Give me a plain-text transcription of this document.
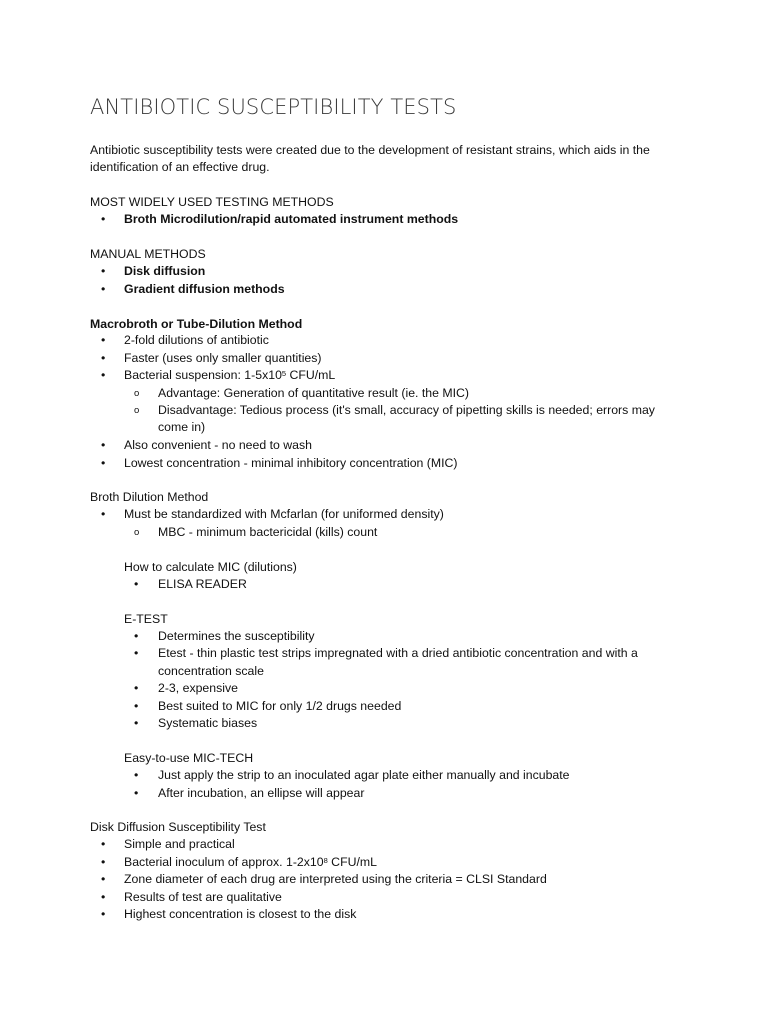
ANTIBIOTIC SUSCEPTIBILITY TESTS
Antibiotic susceptibility tests were created due to the development of resistant strains, which aids in the identification of an effective drug.
MOST WIDELY USED TESTING METHODS
• Broth Microdilution/rapid automated instrument methods
MANUAL METHODS
• Disk diffusion
• Gradient diffusion methods
Macrobroth or Tube-Dilution Method
• 2-fold dilutions of antibiotic
• Faster (uses only smaller quantities)
• Bacterial suspension: $1-5x10^5$ CFU/mL
o Advantage: Generation of quantitative result (ie. the MIC)
o Disadvantage: Tedious process (it's small, accuracy of pipetting skills is needed; errors may
come in)
• Also convenient - no need to wash
• Lowest concentration - minimal inhibitory concentration (MIC)
Broth Dilution Method
• Must be standardized with Mcfarlan (for uniformed density)
o MBC - minimum bactericidal (kills) count
How to calculate MIC (dilutions)
• ELISA READER
E-TEST
• Determines the susceptibility
• Etest - thin plastic test strips impregnated with a dried antibiotic concentration and with a
concentration scale
• 2-3, expensive
• Best suited to MIC for only 1/2 drugs needed
• Systematic biases
Easy-to-use MIC-TECH
• Just apply the strip to an inoculated agar plate either manually and incubate
• After incubation, an ellipse will appear
Disk Diffusion Susceptibility Test
• Simple and practical
• Bacterial inoculum of approx. $1-2x10^8$ CFU/mL
• Zone diameter of each drug are interpreted using the criteria = CLSI Standard
• Results of test are qualitative
• Highest concentration is closest to the disk
